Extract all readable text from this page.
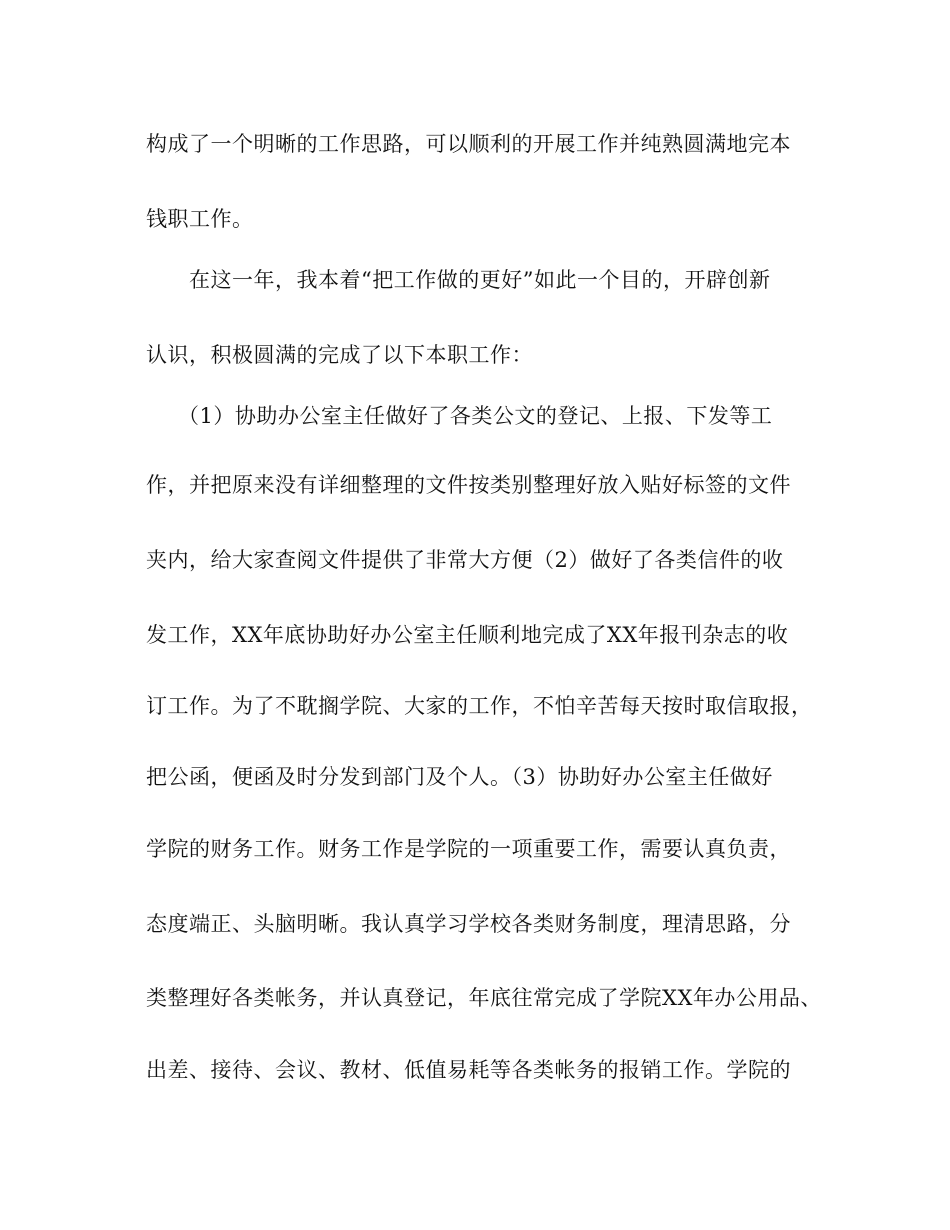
构成了一个明晰的工作思路，可以顺利的开展工作并纯熟圆满地完本
钱职工作。
在这一年，我本着“把工作做的更好”如此一个目的，开辟创新
认识，积极圆满的完成了以下本职工作：
（1）协助办公室主任做好了各类公文的登记、上报、下发等工
作，并把原来没有详细整理的文件按类别整理好放入贴好标签的文件
夹内，给大家查阅文件提供了非常大方便（2）做好了各类信件的收
发工作，XX年底协助好办公室主任顺利地完成了XX年报刊杂志的收
订工作。为了不耽搁学院、大家的工作，不怕辛苦每天按时取信取报，
把公函，便函及时分发到部门及个人。（3）协助好办公室主任做好
学院的财务工作。财务工作是学院的一项重要工作，需要认真负责，
态度端正、头脑明晰。我认真学习学校各类财务制度，理清思路，分
类整理好各类帐务，并认真登记，年底往常完成了学院XX年办公用品、
出差、接待、会议、教材、低值易耗等各类帐务的报销工作。学院的
